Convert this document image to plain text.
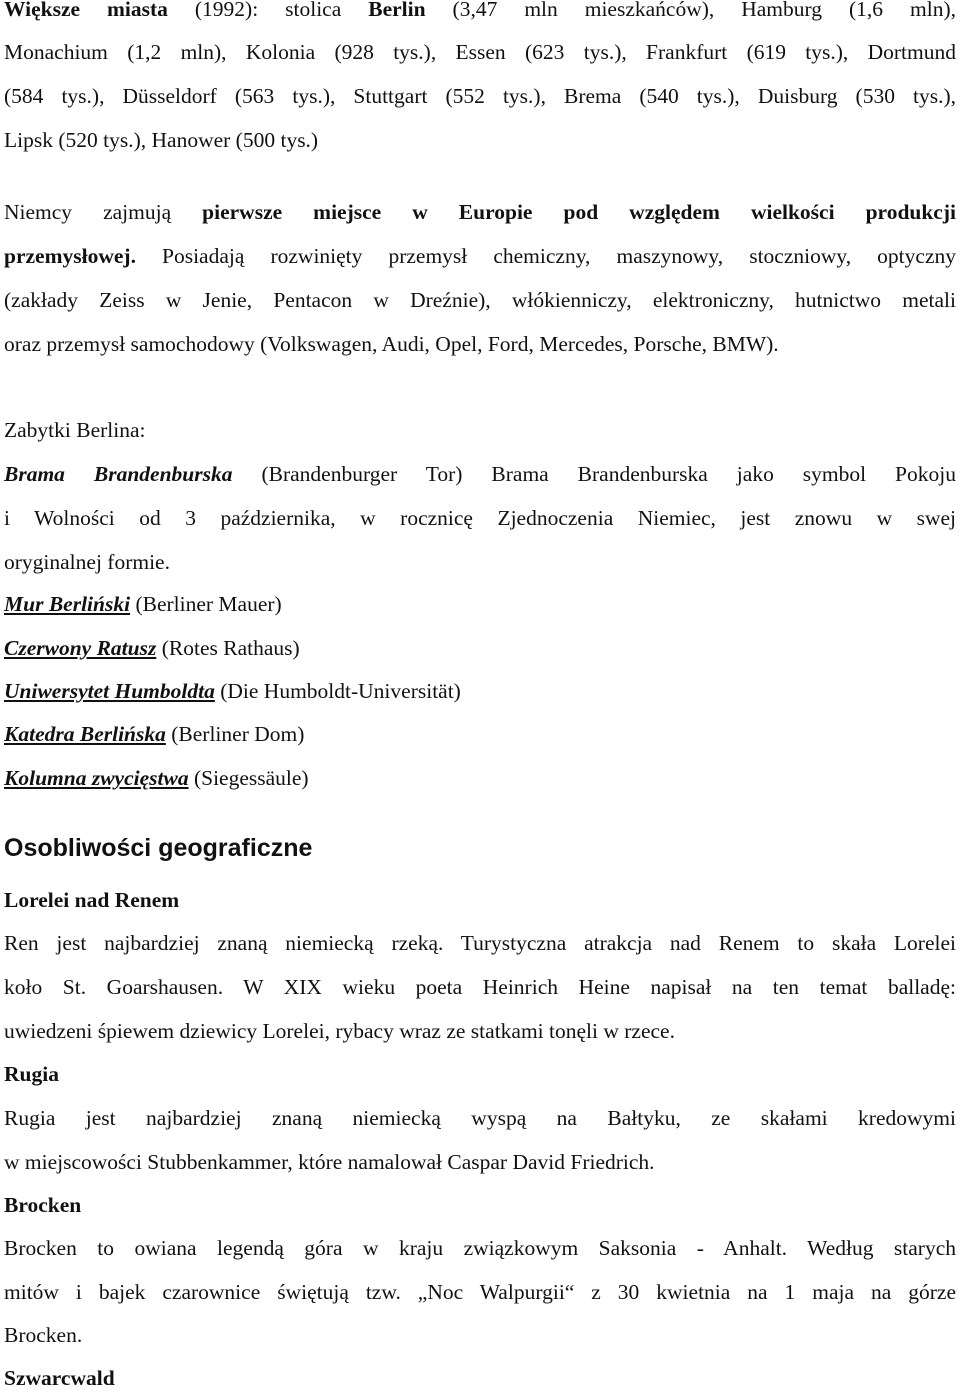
Większe miasta (1992): stolica Berlin (3,47 mln mieszkańców), Hamburg (1,6 mln),
Monachium (1,2 mln), Kolonia (928 tys.), Essen (623 tys.), Frankfurt (619 tys.), Dortmund
(584 tys.), Düsseldorf (563 tys.), Stuttgart (552 tys.), Brema (540 tys.), Duisburg (530 tys.),
Lipsk (520 tys.), Hanower (500 tys.)
Niemcy zajmują pierwsze miejsce w Europie pod względem wielkości produkcji
przemysłowej. Posiadają rozwinięty przemysł chemiczny, maszynowy, stoczniowy, optyczny
(zakłady Zeiss w Jenie, Pentacon w Dreźnie), włókienniczy, elektroniczny, hutnictwo metali
oraz przemysł samochodowy (Volkswagen, Audi, Opel, Ford, Mercedes, Porsche, BMW).
Zabytki Berlina:
Brama Brandenburska (Brandenburger Tor) Brama Brandenburska jako symbol Pokoju
i Wolności od 3 października, w rocznicę Zjednoczenia Niemiec, jest znowu w swej
oryginalnej formie.
Mur Berliński (Berliner Mauer)
Czerwony Ratusz (Rotes Rathaus)
Uniwersytet Humboldta (Die Humboldt-Universität)
Katedra Berlińska (Berliner Dom)
Kolumna zwycięstwa (Siegessäule)
Osobliwości geograficzne
Lorelei nad Renem
Ren jest najbardziej znaną niemiecką rzeką. Turystyczna atrakcja nad Renem to skała Lorelei
koło St. Goarshausen. W XIX wieku poeta Heinrich Heine napisał na ten temat balladę:
uwiedzeni śpiewem dziewicy Lorelei, rybacy wraz ze statkami tonęli w rzece.
Rugia
Rugia jest najbardziej znaną niemiecką wyspą na Bałtyku, ze skałami kredowymi
w miejscowości Stubbenkammer, które namalował Caspar David Friedrich.
Brocken
Brocken to owiana legendą góra w kraju związkowym Saksonia - Anhalt. Według starych
mitów i bajek czarownice świętują tzw. „Noc Walpurgii“ z 30 kwietnia na 1 maja na górze
Brocken.
Szwarcwald
